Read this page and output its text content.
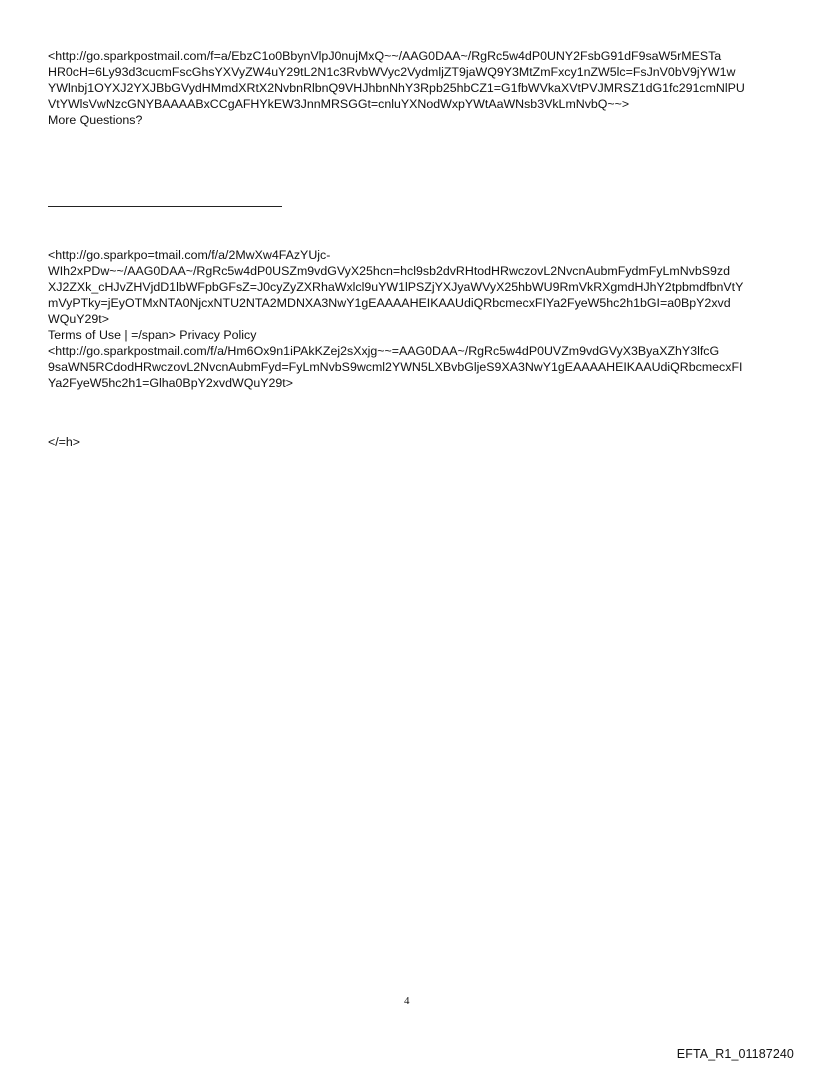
<http://go.sparkpostmail.com/f=a/EbzC1o0BbynVlpJ0nujMxQ~~/AAG0DAA~/RgRc5w4dP0UNY2FsbG91dF9saW5rMESTa
HR0cH=6Ly93d3cucmFscGhsYXVyZW4uY29tL2N1c3RvbWVyc2VydmljZT9jaWQ9Y3MtZmFxcy1nZW5lc=FsJnV0bV9jYW1w
YWlnbj1OYXJ2YXJBbGVydHMmdXRtX2NvbnRlbnQ9VHJhbnNhY3Rpb25hbCZ1=G1fbWVkaXVtPVJMRSZ1dG1fc291cmNlPU
VtYWlsVwNzcGNYBAAAABxCCgAFHYkEW3JnnMRSGGt=cnluYXNodWxpYWtAaWNsb3VkLmNvbQ~~>
More Questions?
<http://go.sparkpo=tmail.com/f/a/2MwXw4FAzYUjc-
WIh2xPDw~~/AAG0DAA~/RgRc5w4dP0USZm9vdGVyX25hcn=hcl9sb2dvRHtodHRwczovL2NvcnAubmFydmFyLmNvbS9zd
XJ2ZXk_cHJvZHVjdD1lbWFpbGFsZ=J0cyZyZXRhaWxlcl9uYW1lPSZjYXJyaWVyX25hbWU9RmVkRXgmdHJhY2tpbmdfbnVtY
mVyPTky=jEyOTMxNTA0NjcxNTU2NTA2MDNXA3NwY1gEAAAAHEIKAAUdiQRbcmecxFIYa2FyeW5hc2h1bGI=a0BpY2xvd
WQuY29t>
Terms of Use | =/span> Privacy Policy
<http://go.sparkpostmail.com/f/a/Hm6Ox9n1iPAkKZej2sXxjg~~=AAG0DAA~/RgRc5w4dP0UVZm9vdGVyX3ByaXZhY3lfcG
9saWN5RCdodHRwczovL2NvcnAubmFyd=FyLmNvbS9wcml2YWN5LXBvbGljeS9XA3NwY1gEAAAAHEIKAAUdiQRbcmecxFI
Ya2FyeW5hc2h1=Glha0BpY2xvdWQuY29t>
</=h>
4
EFTA_R1_01187240
